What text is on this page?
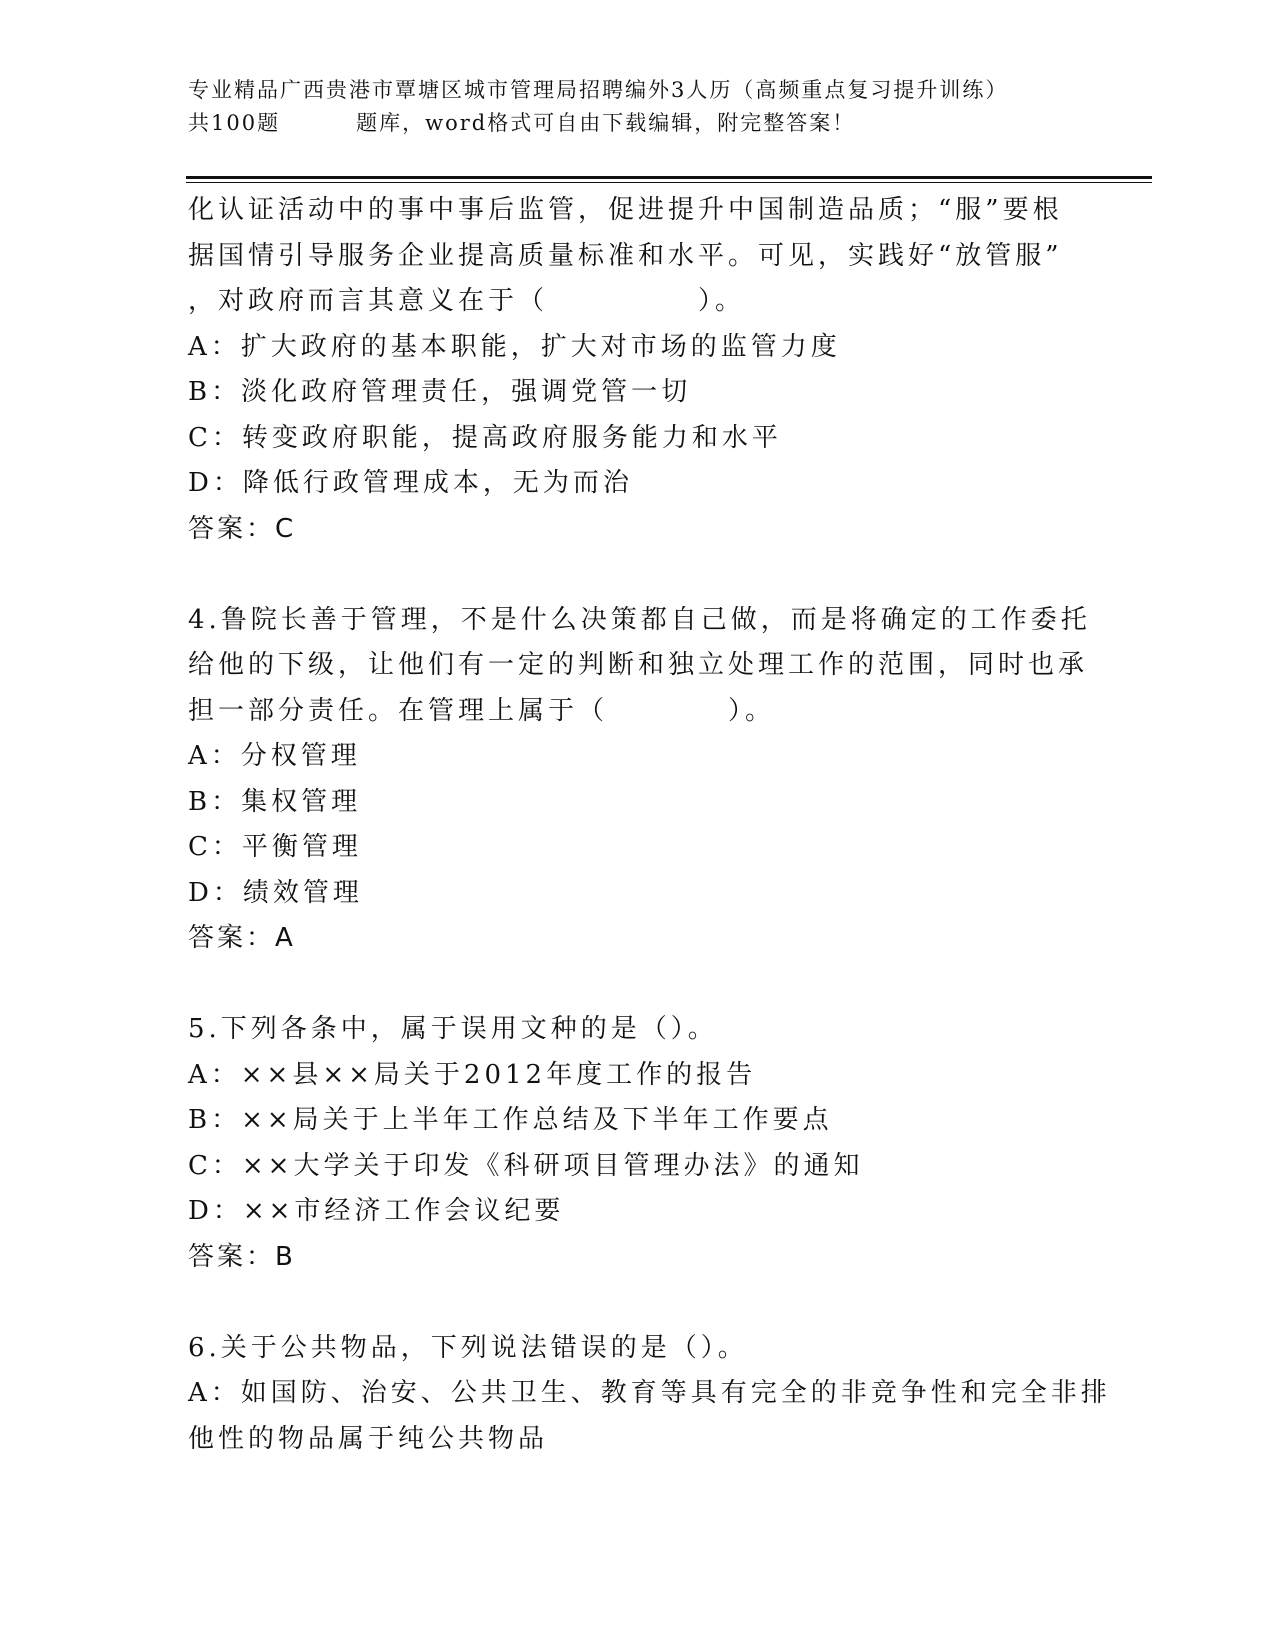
专业精品广西贵港市覃塘区城市管理局招聘编外3人历（高频重点复习提升训练）
共100题	题库，word格式可自由下载编辑，附完整答案！
化认证活动中的事中事后监管，促进提升中国制造品质；“服”要根
据国情引导服务企业提高质量标准和水平。可见，实践好“放管服”
，对政府而言其意义在于（　　　　　）。
A：扩大政府的基本职能，扩大对市场的监管力度
B：淡化政府管理责任，强调党管一切
C：转变政府职能，提高政府服务能力和水平
D：降低行政管理成本，无为而治
答案：C
4.鲁院长善于管理，不是什么决策都自己做，而是将确定的工作委托
给他的下级，让他们有一定的判断和独立处理工作的范围，同时也承
担一部分责任。在管理上属于（　　　　）。
A：分权管理
B：集权管理
C：平衡管理
D：绩效管理
答案：A
5.下列各条中，属于误用文种的是（）。
A：××县××局关于2012年度工作的报告
B：××局关于上半年工作总结及下半年工作要点
C：××大学关于印发《科研项目管理办法》的通知
D：××市经济工作会议纪要
答案：B
6.关于公共物品，下列说法错误的是（）。
A：如国防、治安、公共卫生、教育等具有完全的非竞争性和完全非排
他性的物品属于纯公共物品
